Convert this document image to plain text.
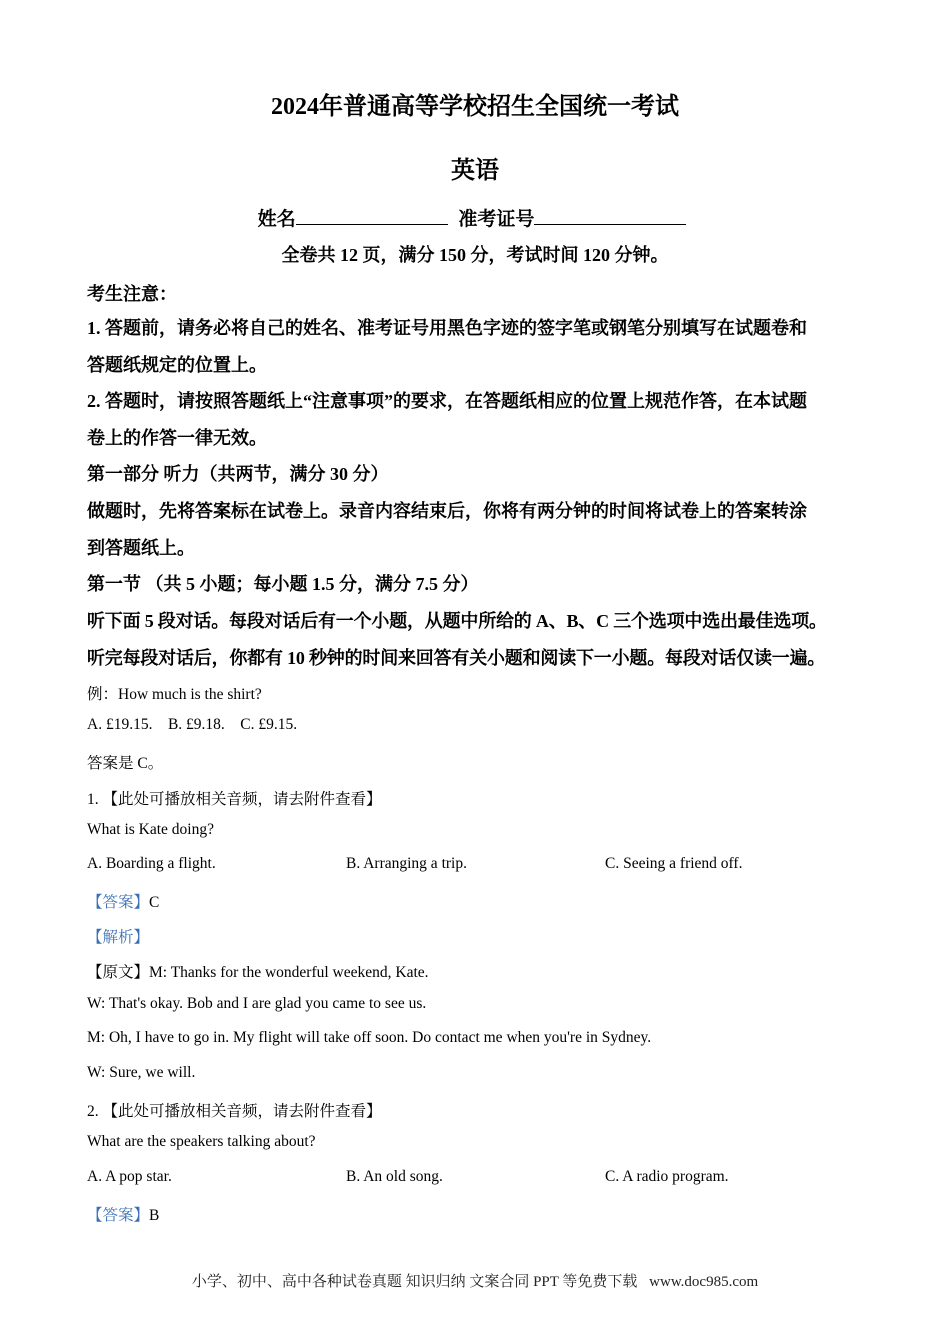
2024年普通高等学校招生全国统一考试
英语
姓名	准考证号
全卷共 12 页，满分 150 分，考试时间 120 分钟。
考生注意：
1. 答题前，请务必将自己的姓名、准考证号用黑色字迹的签字笔或钢笔分别填写在试题卷和
答题纸规定的位置上。
2. 答题时，请按照答题纸上“注意事项”的要求，在答题纸相应的位置上规范作答，在本试题
卷上的作答一律无效。
第一部分 听力（共两节，满分 30 分）
做题时，先将答案标在试卷上。录音内容结束后，你将有两分钟的时间将试卷上的答案转涂
到答题纸上。
第一节 （共 5 小题；每小题 1.5 分，满分 7.5 分）
听下面 5 段对话。每段对话后有一个小题，从题中所给的 A、B、C 三个选项中选出最佳选项。
听完每段对话后，你都有 10 秒钟的时间来回答有关小题和阅读下一小题。每段对话仅读一遍。
例：How much is the shirt?
A. £19.15.    B. £9.18.    C. £9.15.
答案是 C。
1. 【此处可播放相关音频，请去附件查看】
What is Kate doing?
A. Boarding a flight.	B. Arranging a trip.	C. Seeing a friend off.
【答案】C
【解析】
【原文】M: Thanks for the wonderful weekend, Kate.
W: That's okay. Bob and I are glad you came to see us.
M: Oh, I have to go in. My flight will take off soon. Do contact me when you're in Sydney.
W: Sure, we will.
2. 【此处可播放相关音频，请去附件查看】
What are the speakers talking about?
A. A pop star.	B. An old song.	C. A radio program.
【答案】B
小学、初中、高中各种试卷真题 知识归纳 文案合同 PPT 等免费下载 www.doc985.com
